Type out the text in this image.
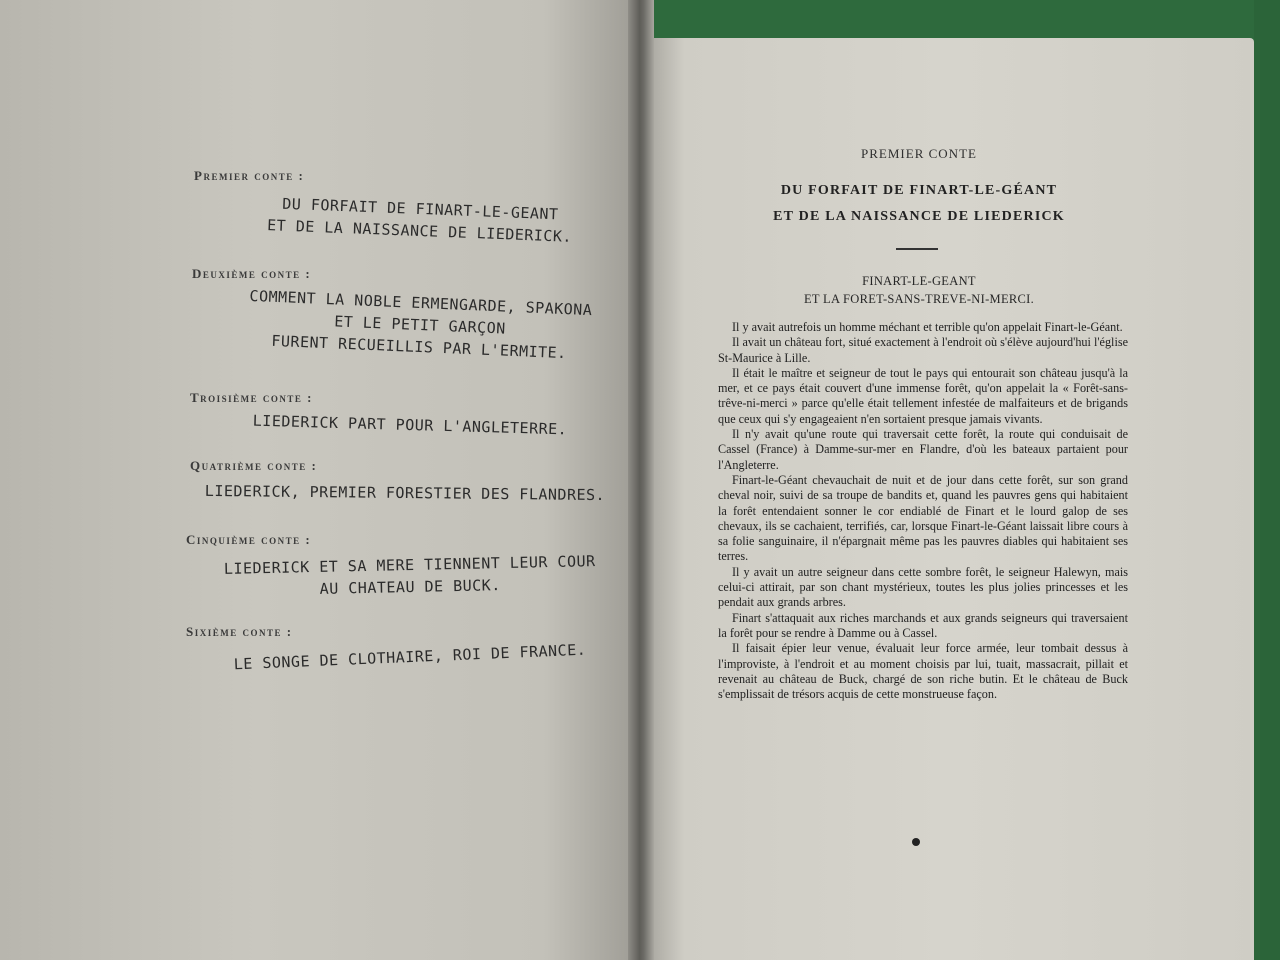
Premier conte :
DU FORFAIT DE FINART-LE-GEANT
ET DE LA NAISSANCE DE LIEDERICK.
Deuxième conte :
COMMENT LA NOBLE ERMENGARDE, SPAKONA
ET LE PETIT GARÇON
FURENT RECUEILLIS PAR L'ERMITE.
Troisième conte :
LIEDERICK PART POUR L'ANGLETERRE.
Quatrième conte :
LIEDERICK, PREMIER FORESTIER DES FLANDRES.
Cinquième conte :
LIEDERICK ET SA MERE TIENNENT LEUR COUR
AU CHATEAU DE BUCK.
Sixième conte :
LE SONGE DE CLOTHAIRE, ROI DE FRANCE.
PREMIER CONTE
DU FORFAIT DE FINART-LE-GÉANT
ET DE LA NAISSANCE DE LIEDERICK
FINART-LE-GEANT
ET LA FORET-SANS-TREVE-NI-MERCI.

Il y avait autrefois un homme méchant et terrible qu'on appelait Finart-le-Géant.

Il avait un château fort, situé exactement à l'endroit où s'élève aujourd'hui l'église St-Maurice à Lille.

Il était le maître et seigneur de tout le pays qui entourait son château jusqu'à la mer, et ce pays était couvert d'une immense forêt, qu'on appelait la « Forêt-sans-trêve-ni-merci » parce qu'elle était tellement infestée de malfaiteurs et de brigands que ceux qui s'y engageaient n'en sortaient presque jamais vivants.

Il n'y avait qu'une route qui traversait cette forêt, la route qui conduisait de Cassel (France) à Damme-sur-mer en Flandre, d'où les bateaux partaient pour l'Angleterre.

Finart-le-Géant chevauchait de nuit et de jour dans cette forêt, sur son grand cheval noir, suivi de sa troupe de bandits et, quand les pauvres gens qui habitaient la forêt entendaient sonner le cor endiablé de Finart et le lourd galop de ses chevaux, ils se cachaient, terrifiés, car, lorsque Finart-le-Géant laissait libre cours à sa folie sanguinaire, il n'épargnait même pas les pauvres diables qui habitaient ses terres.

Il y avait un autre seigneur dans cette sombre forêt, le seigneur Halewyn, mais celui-ci attirait, par son chant mystérieux, toutes les plus jolies princesses et les pendait aux grands arbres.

Finart s'attaquait aux riches marchands et aux grands seigneurs qui traversaient la forêt pour se rendre à Damme ou à Cassel.

Il faisait épier leur venue, évaluait leur force armée, leur tombait dessus à l'improviste, à l'endroit et au moment choisis par lui, tuait, massacrait, pillait et revenait au château de Buck, chargé de son riche butin. Et le château de Buck s'emplissait de trésors acquis de cette monstrueuse façon.
